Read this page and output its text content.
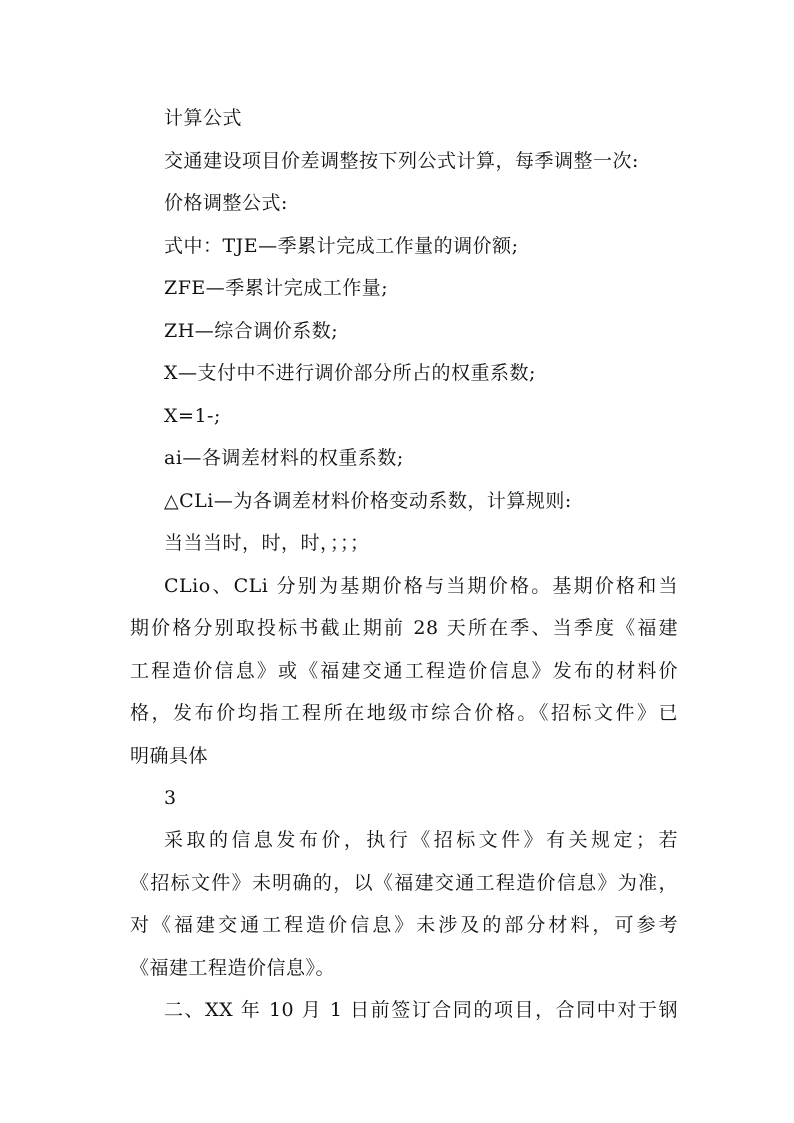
计算公式
交通建设项目价差调整按下列公式计算，每季调整一次:
价格调整公式:
式中：TJE—季累计完成工作量的调价额;
ZFE—季累计完成工作量;
ZH—综合调价系数;
X—支付中不进行调价部分所占的权重系数;
X=1-;
ai—各调差材料的权重系数;
△CLi—为各调差材料价格变动系数，计算规则:
当当当时，时，时，；；；
CLio、CLi 分别为基期价格与当期价格。基期价格和当
期价格分别取投标书截止期前 28 天所在季、当季度《福建
工程造价信息》或《福建交通工程造价信息》发布的材料价
格，发布价均指工程所在地级市综合价格。《招标文件》已
明确具体
3
采取的信息发布价，执行《招标文件》有关规定；若
《招标文件》未明确的，以《福建交通工程造价信息》为准，
对《福建交通工程造价信息》未涉及的部分材料，可参考
《福建工程造价信息》。
二、XX 年 10 月 1 日前签订合同的项目，合同中对于钢
